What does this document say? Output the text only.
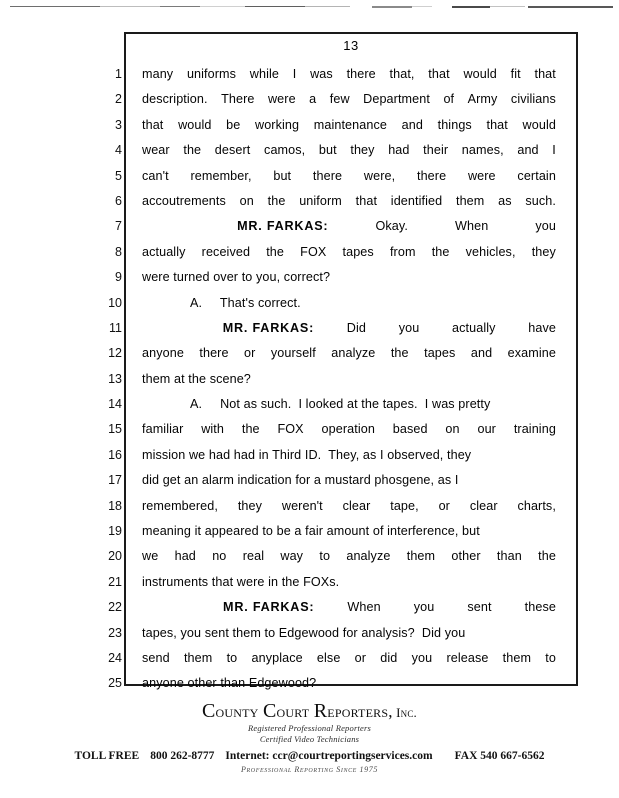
13
1
2
3
4
5
6
7
8
9
10
11
12
13
14
15
16
17
18
19
20
21
22
23
24
25
many uniforms while I was there that, that would fit that
description. There were a few Department of Army civilians
that would be working maintenance and things that would
wear the desert camos, but they had their names, and I
can't remember, but there were, there were certain
accoutrements on the uniform that identified them as such.

MR. FARKAS:	Okay.	When	you
actually received the FOX tapes from the vehicles, they
were turned over to you, correct?
A.     That's correct.

MR. FARKAS:	Did	you	actually	have
anyone there or yourself analyze the tapes and examine
them at the scene?
A.     Not as such.  I looked at the tapes.  I was pretty
familiar with the FOX operation based on our training
mission we had had in Third ID.  They, as I observed, they
did get an alarm indication for a mustard phosgene, as I
remembered, they weren't clear tape, or clear charts,
meaning it appeared to be a fair amount of interference, but
we had no real way to analyze them other than the
instruments that were in the FOXs.

MR. FARKAS:	When	you	sent	these
tapes, you sent them to Edgewood for analysis?  Did you
send them to anyplace else or did you release them to
anyone other than Edgewood?
County Court Reporters, Inc.
Registered Professional Reporters
Certified Video Technicians
TOLL FREE 800 262-8777 Internet: ccr@courtreportingservices.com FAX 540 667-6562
Professional Reporting Since 1975
